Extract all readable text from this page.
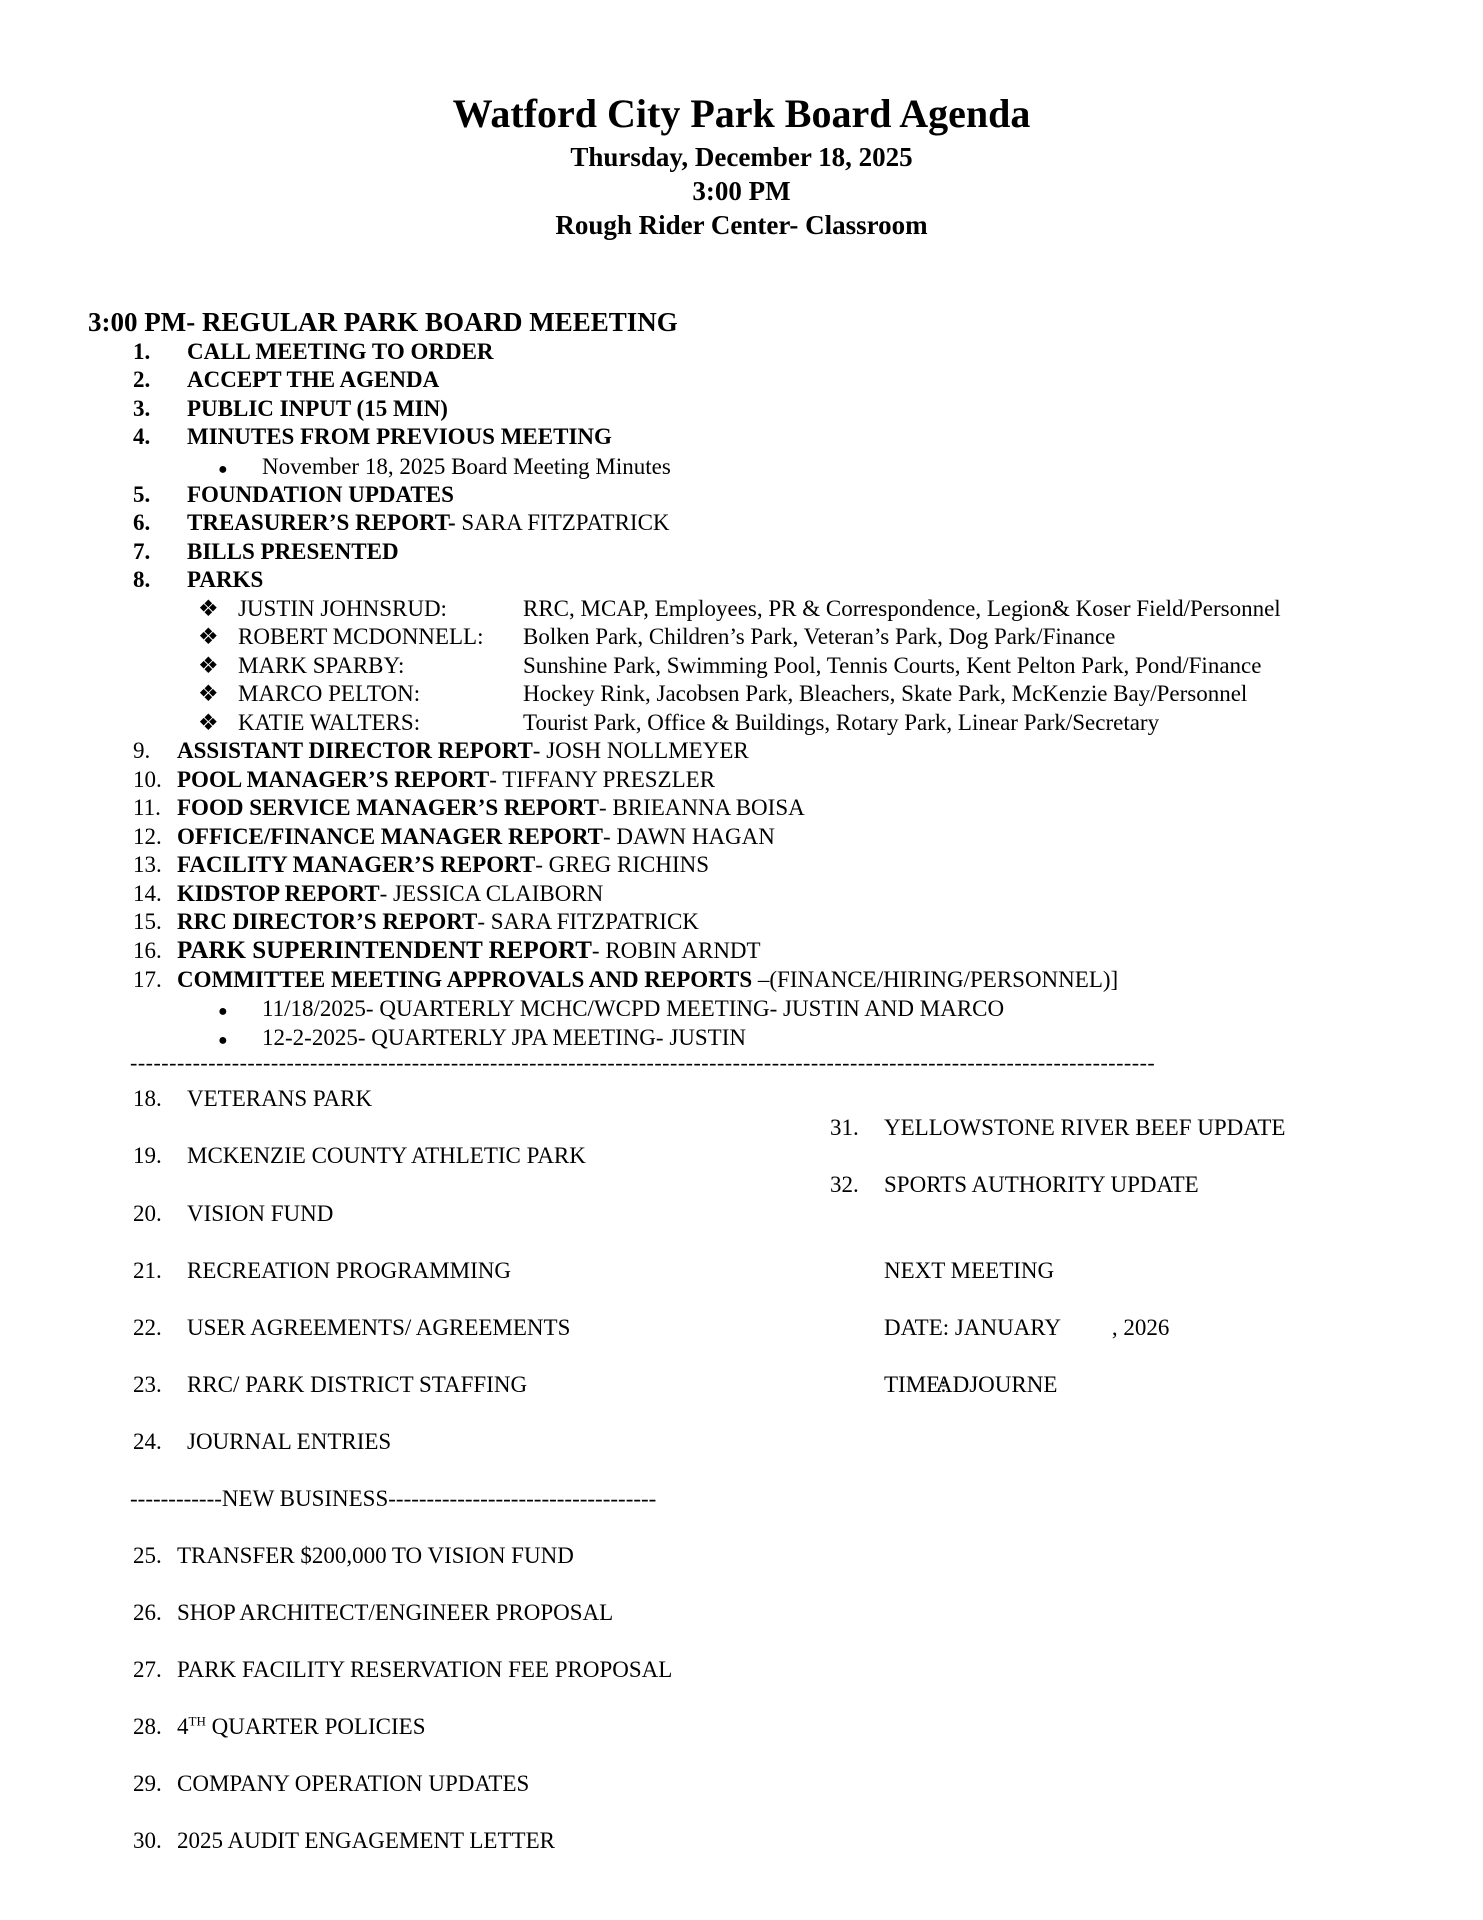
Watford City Park Board Agenda
Thursday, December 18, 2025
3:00 PM
Rough Rider Center- Classroom
3:00 PM- REGULAR PARK BOARD MEEETING
1. CALL MEETING TO ORDER
2. ACCEPT THE AGENDA
3. PUBLIC INPUT (15 MIN)
4. MINUTES FROM PREVIOUS MEETING
● November 18, 2025 Board Meeting Minutes
5. FOUNDATION UPDATES
6. TREASURER’S REPORT- SARA FITZPATRICK
7. BILLS PRESENTED
8. PARKS
❖ JUSTIN JOHNSRUD:	RRC, MCAP, Employees, PR & Correspondence, Legion& Koser Field/Personnel
❖ ROBERT MCDONNELL: Bolken Park, Children’s Park, Veteran’s Park, Dog Park/Finance
❖ MARK SPARBY:	Sunshine Park, Swimming Pool, Tennis Courts, Kent Pelton Park, Pond/Finance
❖ MARCO PELTON:	Hockey Rink, Jacobsen Park, Bleachers, Skate Park, McKenzie Bay/Personnel
❖ KATIE WALTERS:	Tourist Park, Office & Buildings, Rotary Park, Linear Park/Secretary
9. ASSISTANT DIRECTOR REPORT- JOSH NOLLMEYER
10. POOL MANAGER’S REPORT- TIFFANY PRESZLER
11. FOOD SERVICE MANAGER’S REPORT- BRIEANNA BOISA
12. OFFICE/FINANCE MANAGER REPORT- DAWN HAGAN
13. FACILITY MANAGER’S REPORT- GREG RICHINS
14. KIDSTOP REPORT- JESSICA CLAIBORN
15. RRC DIRECTOR’S REPORT- SARA FITZPATRICK
16. PARK SUPERINTENDENT REPORT- ROBIN ARNDT
17. COMMITTEE MEETING APPROVALS AND REPORTS –(FINANCE/HIRING/PERSONNEL)]
● 11/18/2025- QUARTERLY MCHC/WCPD MEETING- JUSTIN AND MARCO
● 12-2-2025- QUARTERLY JPA MEETING- JUSTIN
-----------------------------------------------------------------------------------------------------------------------------------
18. VETERANS PARK
19. MCKENZIE COUNTY ATHLETIC PARK
20. VISION FUND
21. RECREATION PROGRAMMING
22. USER AGREEMENTS/ AGREEMENTS
23. RRC/ PARK DISTRICT STAFFING
24. JOURNAL ENTRIES
------------NEW BUSINESS-----------------------------------
25. TRANSFER $200,000 TO VISION FUND
26. SHOP ARCHITECT/ENGINEER PROPOSAL
27. PARK FACILITY RESERVATION FEE PROPOSAL
28. 4TH QUARTER POLICIES
29. COMPANY OPERATION UPDATES
30. 2025 AUDIT ENGAGEMENT LETTER
31. YELLOWSTONE RIVER BEEF UPDATE
32. SPORTS AUTHORITY UPDATE
NEXT MEETING
DATE: JANUARY         , 2026
TIME:ADJOURNE
